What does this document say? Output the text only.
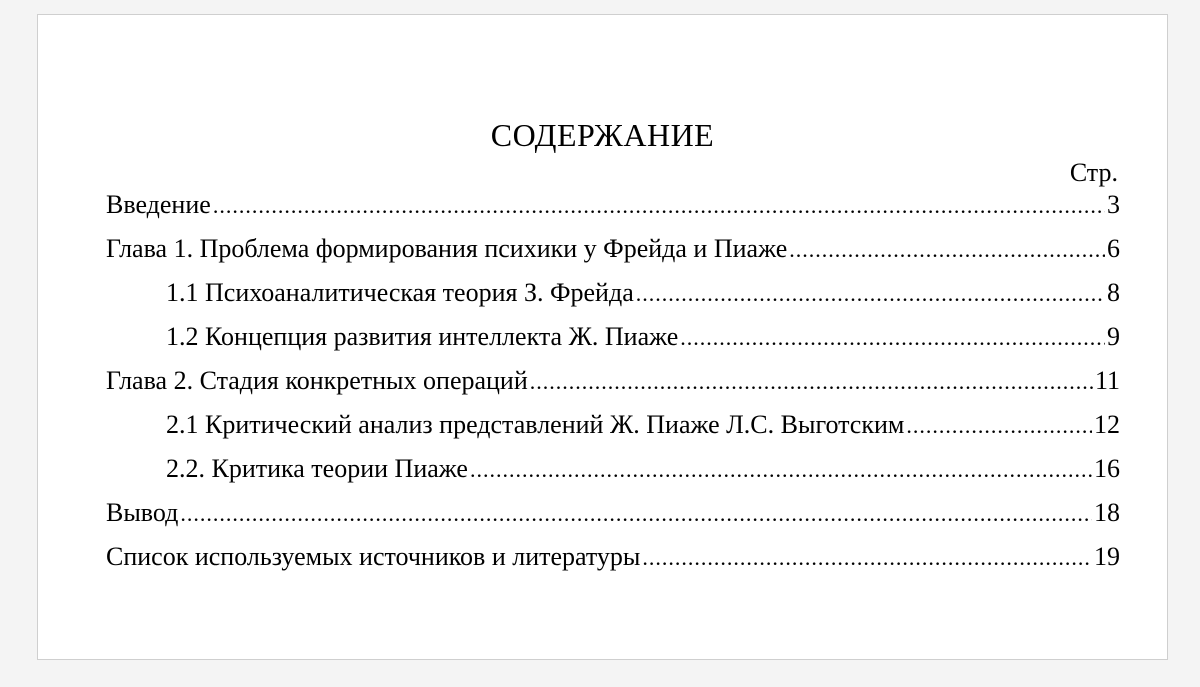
СОДЕРЖАНИЕ
Стр.
Введение .....	3
Глава 1. Проблема формирования психики у Фрейда и Пиаже .....	6
1.1 Психоаналитическая теория З. Фрейда .....	8
1.2 Концепция развития интеллекта Ж. Пиаже .....	9
Глава 2. Стадия конкретных операций .....	11
2.1 Критический анализ представлений Ж. Пиаже Л.С. Выготским .....	12
2.2. Критика теории Пиаже .....	16
Вывод .....	18
Список используемых источников и литературы .....	19
